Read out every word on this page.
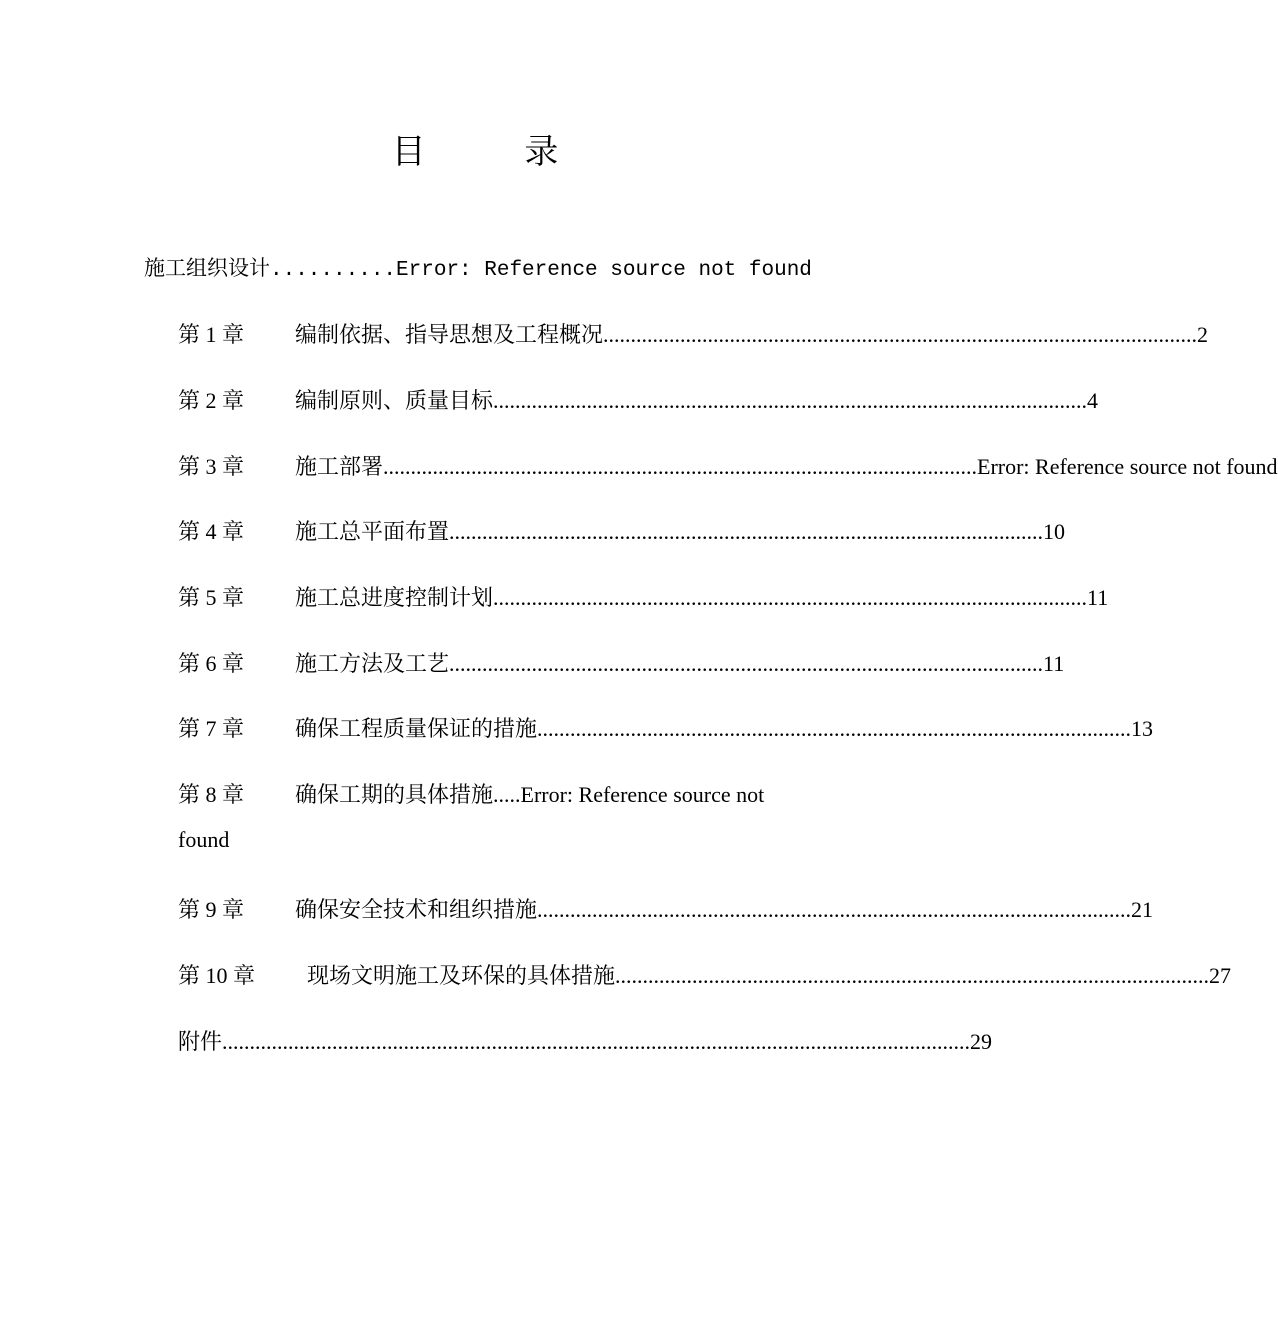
目 录
施工组织设计 .......... Error: Reference source not found
第 1 章	编制依据、指导思想及工程概况 ............................................................................................................ 2
第 2 章	编制原则、质量目标 ............................................................................................................ 4
第 3 章	施工部署 ............................................................................................................ Error: Reference source not found
第 4 章	施工总平面布置 ............................................................................................................ 10
第 5 章	施工总进度控制计划 ............................................................................................................ 11
第 6 章	施工方法及工艺 ............................................................................................................ 11
第 7 章	确保工程质量保证的措施 ............................................................................................................ 13
第 8 章	确保工期的具体措施 ..... Error: Reference source not
found
第 9 章	确保安全技术和组织措施 ............................................................................................................ 21
第 10 章	现场文明施工及环保的具体措施 ............................................................................................................ 27
附件 ........................................................................................................................................ 29
